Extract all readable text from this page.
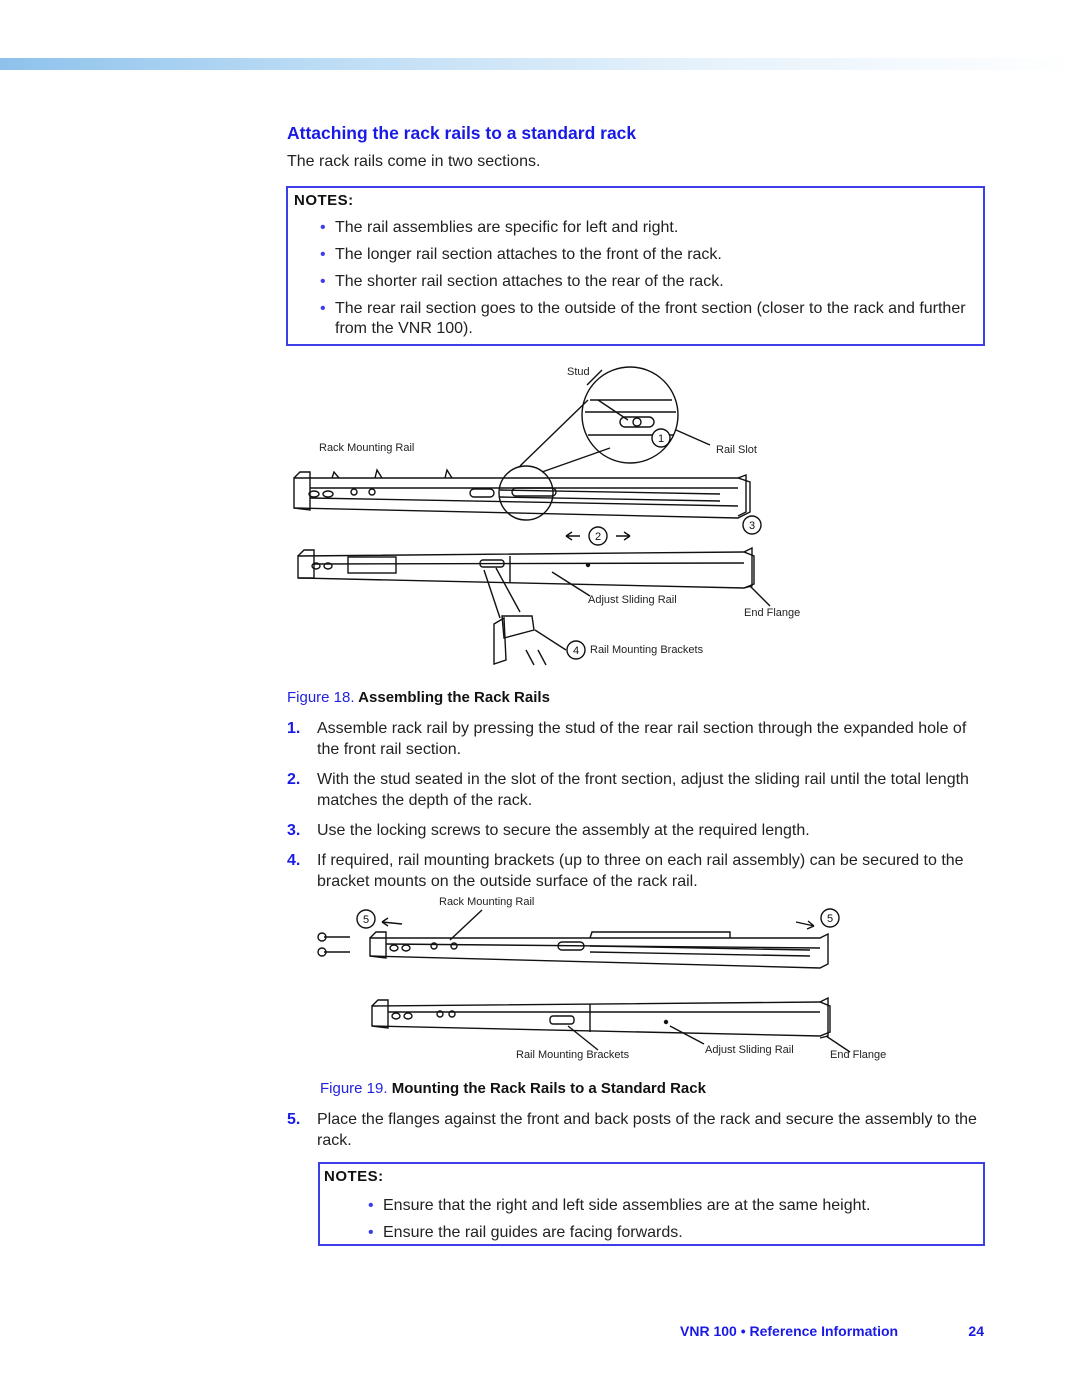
Attaching the rack rails to a standard rack

The rack rails come in two sections.

NOTES:
• The rail assemblies are specific for left and right.
• The longer rail section attaches to the front of the rack.
• The shorter rail section attaches to the rear of the rack.
• The rear rail section goes to the outside of the front section (closer to the rack and further from the VNR 100).
1
2
3
4
Stud
Rack Mounting Rail	Rail Slot
Adjust Sliding Rail
End Flange
Rail Mounting Brackets
Figure 18. Assembling the Rack Rails
1. Assemble rack rail by pressing the stud of the rear rail section through the expanded hole of the front rail section.
2. With the stud seated in the slot of the front section, adjust the sliding rail until the total length matches the depth of the rack.
3. Use the locking screws to secure the assembly at the required length.
4. If required, rail mounting brackets (up to three on each rail assembly) can be secured to the bracket mounts on the outside surface of the rack rail.
5	5
Rack Mounting Rail
Rail Mounting Brackets	Adjust Sliding Rail	End Flange
Figure 19. Mounting the Rack Rails to a Standard Rack
5. Place the flanges against the front and back posts of the rack and secure the assembly to the rack.
NOTES:
• Ensure that the right and left side assemblies are at the same height.
• Ensure the rail guides are facing forwards.
VNR 100 • Reference Information	24
